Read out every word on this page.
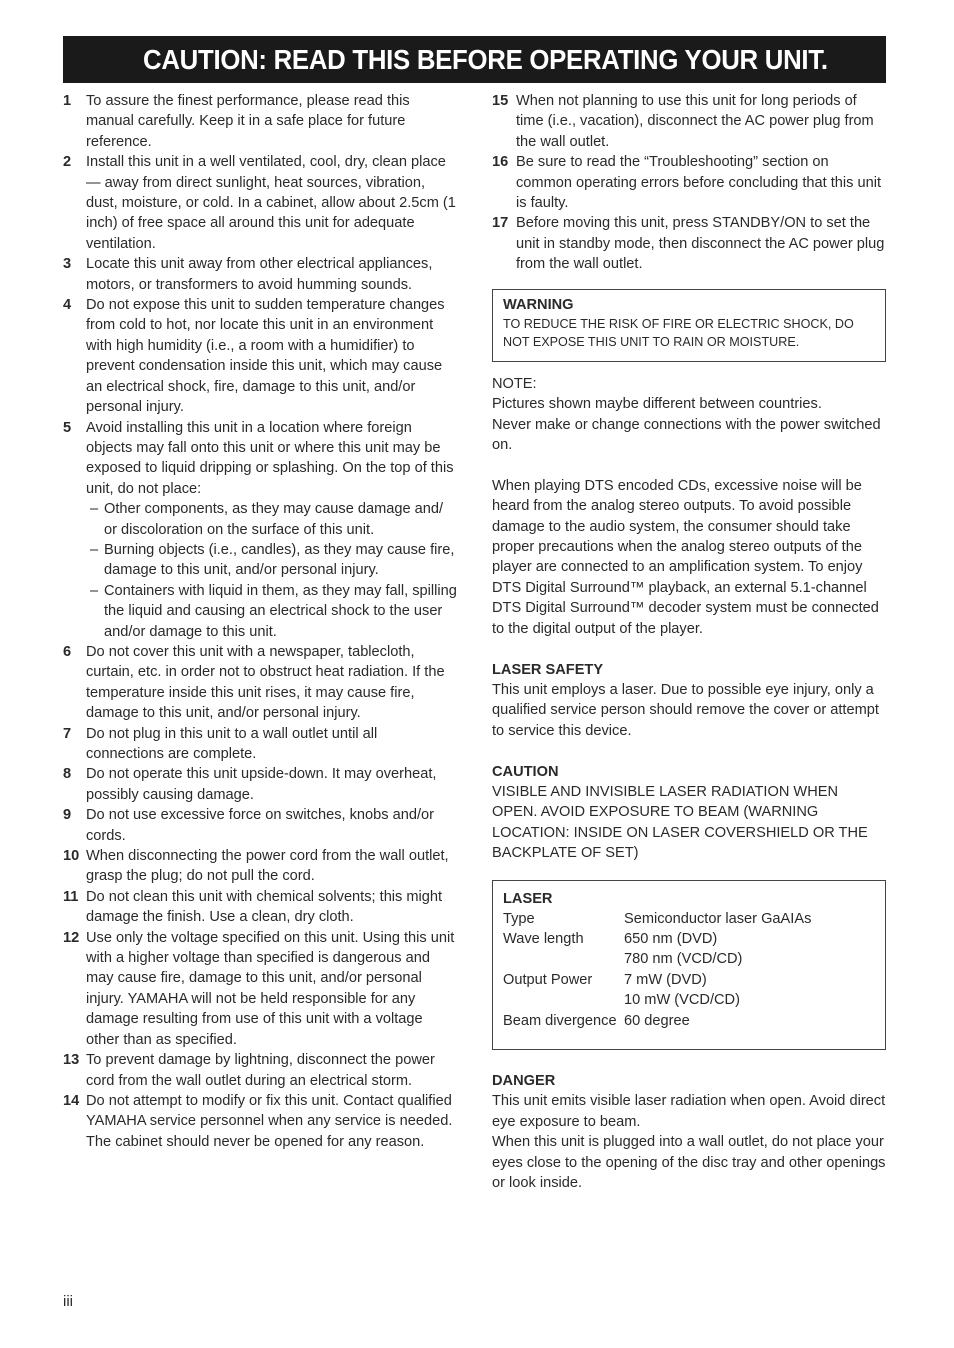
CAUTION: READ THIS BEFORE OPERATING YOUR UNIT.
1 To assure the finest performance, please read this manual carefully. Keep it in a safe place for future reference.
2 Install this unit in a well ventilated, cool, dry, clean place — away from direct sunlight, heat sources, vibration, dust, moisture, or cold. In a cabinet, allow about 2.5cm (1 inch) of free space all around this unit for adequate ventilation.
3 Locate this unit away from other electrical appliances, motors, or transformers to avoid humming sounds.
4 Do not expose this unit to sudden temperature changes from cold to hot, nor locate this unit in an environment with high humidity (i.e., a room with a humidifier) to prevent condensation inside this unit, which may cause an electrical shock, fire, damage to this unit, and/or personal injury.
5 Avoid installing this unit in a location where foreign objects may fall onto this unit or where this unit may be exposed to liquid dripping or splashing. On the top of this unit, do not place:
– Other components, as they may cause damage and/ or discoloration on the surface of this unit.
– Burning objects (i.e., candles), as they may cause fire, damage to this unit, and/or personal injury.
– Containers with liquid in them, as they may fall, spilling the liquid and causing an electrical shock to the user and/or damage to this unit.
6 Do not cover this unit with a newspaper, tablecloth, curtain, etc. in order not to obstruct heat radiation. If the temperature inside this unit rises, it may cause fire, damage to this unit, and/or personal injury.
7 Do not plug in this unit to a wall outlet until all connections are complete.
8 Do not operate this unit upside-down. It may overheat, possibly causing damage.
9 Do not use excessive force on switches, knobs and/or cords.
10 When disconnecting the power cord from the wall outlet, grasp the plug; do not pull the cord.
11 Do not clean this unit with chemical solvents; this might damage the finish. Use a clean, dry cloth.
12 Use only the voltage specified on this unit. Using this unit with a higher voltage than specified is dangerous and may cause fire, damage to this unit, and/or personal injury. YAMAHA will not be held responsible for any damage resulting from use of this unit with a voltage other than as specified.
13 To prevent damage by lightning, disconnect the power cord from the wall outlet during an electrical storm.
14 Do not attempt to modify or fix this unit. Contact qualified YAMAHA service personnel when any service is needed. The cabinet should never be opened for any reason.
15 When not planning to use this unit for long periods of time (i.e., vacation), disconnect the AC power plug from the wall outlet.
16 Be sure to read the “Troubleshooting” section on common operating errors before concluding that this unit is faulty.
17 Before moving this unit, press STANDBY/ON to set the unit in standby mode, then disconnect the AC power plug from the wall outlet.
WARNING
TO REDUCE THE RISK OF FIRE OR ELECTRIC SHOCK, DO NOT EXPOSE THIS UNIT TO RAIN OR MOISTURE.
NOTE:
Pictures shown maybe different between countries.
Never make or change connections with the power switched on.
When playing DTS encoded CDs, excessive noise will be heard from the analog stereo outputs. To avoid possible damage to the audio system, the consumer should take proper precautions when the analog stereo outputs of the player are connected to an amplification system. To enjoy DTS Digital Surround™ playback, an external 5.1-channel DTS Digital Surround™ decoder system must be connected to the digital output of the player.
LASER SAFETY
This unit employs a laser. Due to possible eye injury, only a qualified service person should remove the cover or attempt to service this device.
CAUTION
VISIBLE AND INVISIBLE LASER RADIATION WHEN OPEN. AVOID EXPOSURE TO BEAM (WARNING LOCATION: INSIDE ON LASER COVERSHIELD OR THE BACKPLATE OF SET)
LASER
Type	Semiconductor laser GaAIAs
Wave length	650 nm (DVD)
780 nm (VCD/CD)
Output Power	7 mW (DVD)
10 mW (VCD/CD)
Beam divergence 60 degree
DANGER
This unit emits visible laser radiation when open. Avoid direct eye exposure to beam.
When this unit is plugged into a wall outlet, do not place your eyes close to the opening of the disc tray and other openings or look inside.
iii
